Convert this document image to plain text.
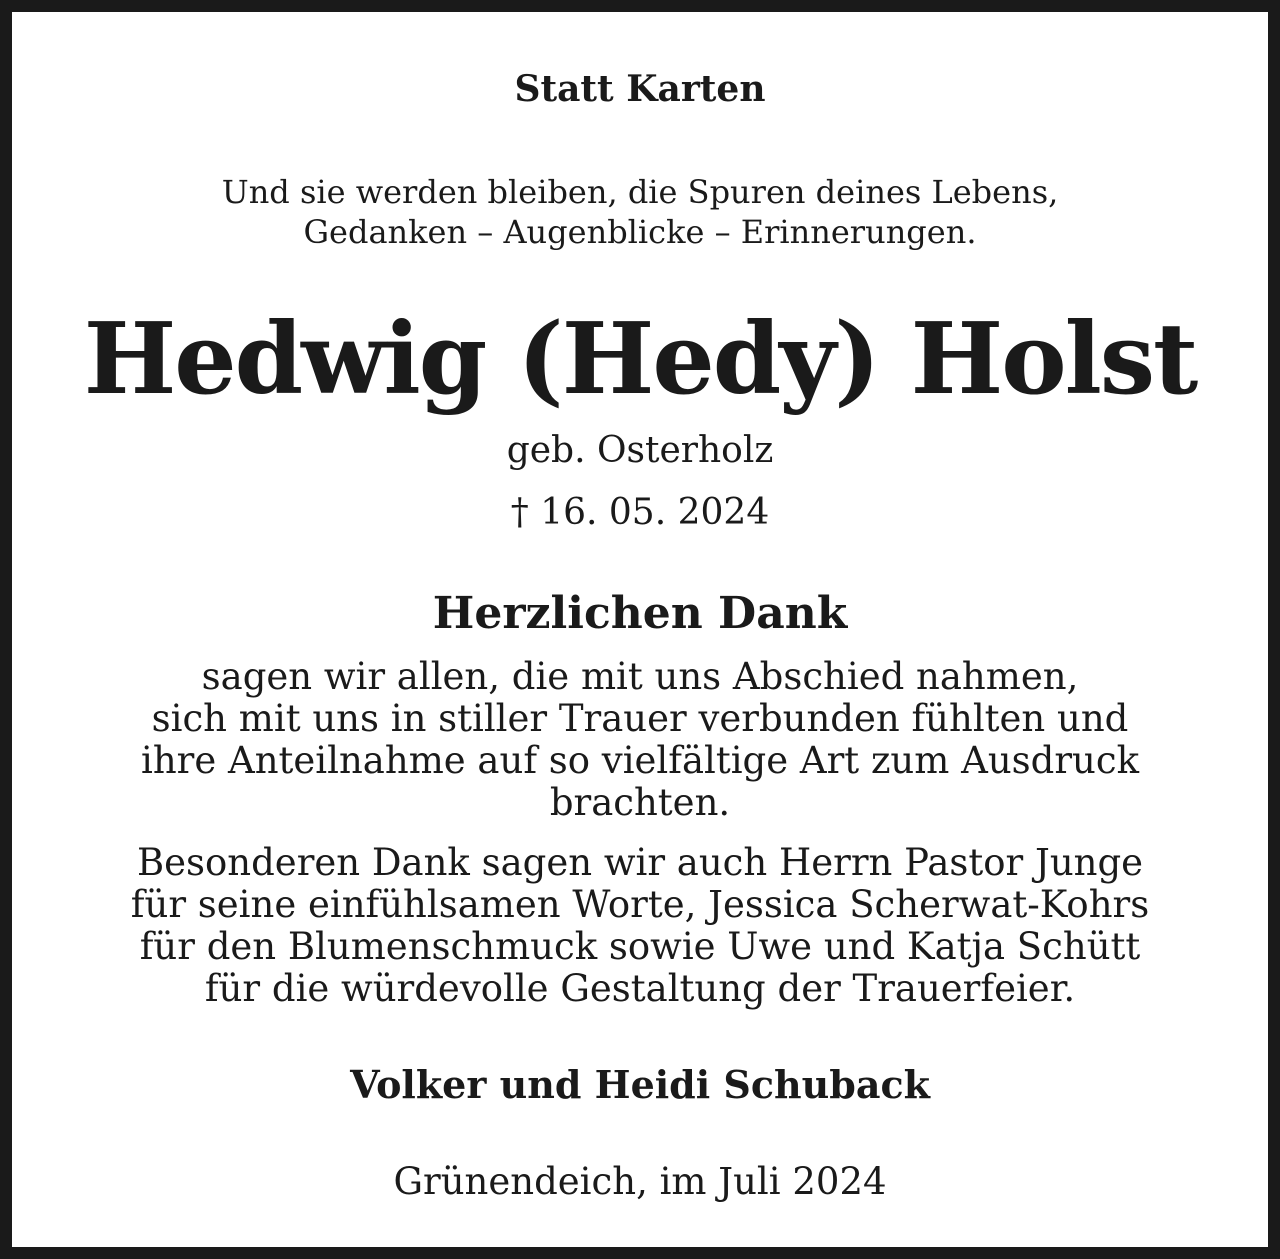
Statt Karten

Und sie werden bleiben, die Spuren deines Lebens,

Gedanken – Augenblicke – Erinnerungen.

Hedwig (Hedy) Holst

geb. Osterholz

† 16. 05. 2024

Herzlichen Dank

sagen wir allen, die mit uns Abschied nahmen,

sich mit uns in stiller Trauer verbunden fühlten und

ihre Anteilnahme auf so vielfältige Art zum Ausdruck

brachten.

Besonderen Dank sagen wir auch Herrn Pastor Junge

für seine einfühlsamen Worte, Jessica Scherwat-Kohrs

für den Blumenschmuck sowie Uwe und Katja Schütt

für die würdevolle Gestaltung der Trauerfeier.

Volker und Heidi Schuback

Grünendeich, im Juli 2024
